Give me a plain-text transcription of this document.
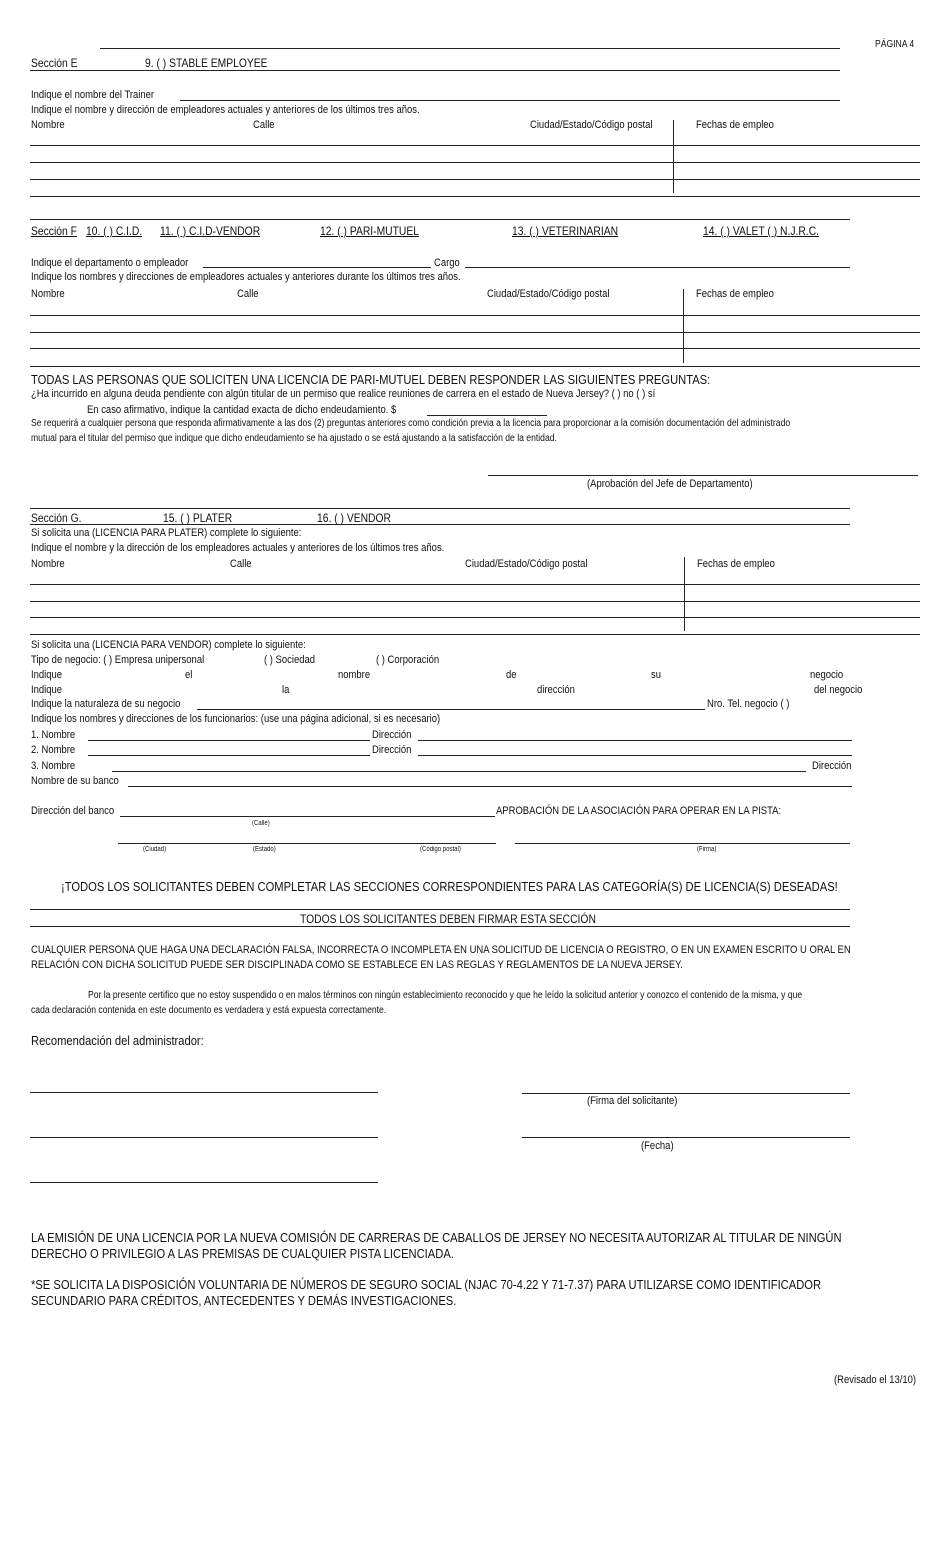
PÁGINA 4
Sección E	9. ( ) STABLE EMPLOYEE
Indique el nombre del Trainer
Indique el nombre y dirección de empleadores actuales y anteriores de los últimos tres años.
Nombre	Calle	Ciudad/Estado/Código postal	Fechas de empleo
Sección F 10. ( ) C.I.D. 11. ( ) C.I.D-VENDOR	12. ( ) PARI-MUTUEL	13. ( ) VETERINARIAN	14. ( ) VALET ( ) N.J.R.C.
Indique el departamento o empleador	Cargo
Indique los nombres y direcciones de empleadores actuales y anteriores durante los últimos tres años.
Nombre	Calle	Ciudad/Estado/Código postal	Fechas de empleo
TODAS LAS PERSONAS QUE SOLICITEN UNA LICENCIA DE PARI-MUTUEL DEBEN RESPONDER LAS SIGUIENTES PREGUNTAS:
¿Ha incurrido en alguna deuda pendiente con algún titular de un permiso que realice reuniones de carrera en el estado de Nueva Jersey? ( ) no ( ) sí
En caso afirmativo, indique la cantidad exacta de dicho endeudamiento. $
Se requerirá a cualquier persona que responda afirmativamente a las dos (2) preguntas anteriores como condición previa a la licencia para proporcionar a la comisión documentación del administrado
mutual para el titular del permiso que indique que dicho endeudamiento se ha ajustado o se está ajustando a la satisfacción de la entidad.
(Aprobación del Jefe de Departamento)
Sección G.	15. ( ) PLATER	16. ( ) VENDOR
Si solicita una (LICENCIA PARA PLATER) complete lo siguiente:
Indique el nombre y la dirección de los empleadores actuales y anteriores de los últimos tres años.
Nombre	Calle	Ciudad/Estado/Código postal	Fechas de empleo
Si solicita una (LICENCIA PARA VENDOR) complete lo siguiente:
Tipo de negocio: ( ) Empresa unipersonal	( ) Sociedad	( ) Corporación
Indique	el	nombre	de	su	negocio
Indique	la	dirección	del negocio
Indique la naturaleza de su negocio	Nro. Tel. negocio ( )
Indique los nombres y direcciones de los funcionarios: (use una página adicional, si es necesario)
1. Nombre	Dirección
2. Nombre	Dirección
3. Nombre	Dirección
Nombre de su banco
Dirección del banco	APROBACIÓN DE LA ASOCIACIÓN PARA OPERAR EN LA PISTA:
(Calle)
(Ciudad)	(Estado)	(Código postal)	(Firma)
¡TODOS LOS SOLICITANTES DEBEN COMPLETAR LAS SECCIONES CORRESPONDIENTES PARA LAS CATEGORÍA(S) DE LICENCIA(S) DESEADAS!
TODOS LOS SOLICITANTES DEBEN FIRMAR ESTA SECCIÓN
CUALQUIER PERSONA QUE HAGA UNA DECLARACIÓN FALSA, INCORRECTA O INCOMPLETA EN UNA SOLICITUD DE LICENCIA O REGISTRO, O EN UN EXAMEN ESCRITO U ORAL EN
RELACIÓN CON DICHA SOLICITUD PUEDE SER DISCIPLINADA COMO SE ESTABLECE EN LAS REGLAS Y REGLAMENTOS DE LA NUEVA JERSEY.
Por la presente certifico que no estoy suspendido o en malos términos con ningún establecimiento reconocido y que he leído la solicitud anterior y conozco el contenido de la misma, y que
cada declaración contenida en este documento es verdadera y está expuesta correctamente.
Recomendación del administrador:
(Firma del solicitante)
(Fecha)
LA EMISIÓN DE UNA LICENCIA POR LA NUEVA COMISIÓN DE CARRERAS DE CABALLOS DE JERSEY NO NECESITA AUTORIZAR AL TITULAR DE NINGÚN
DERECHO O PRIVILEGIO A LAS PREMISAS DE CUALQUIER PISTA LICENCIADA.
*SE SOLICITA LA DISPOSICIÓN VOLUNTARIA DE NÚMEROS DE SEGURO SOCIAL (NJAC 70-4.22 Y 71-7.37) PARA UTILIZARSE COMO IDENTIFICADOR
SECUNDARIO PARA CRÉDITOS, ANTECEDENTES Y DEMÁS INVESTIGACIONES.
(Revisado el 13/10)
